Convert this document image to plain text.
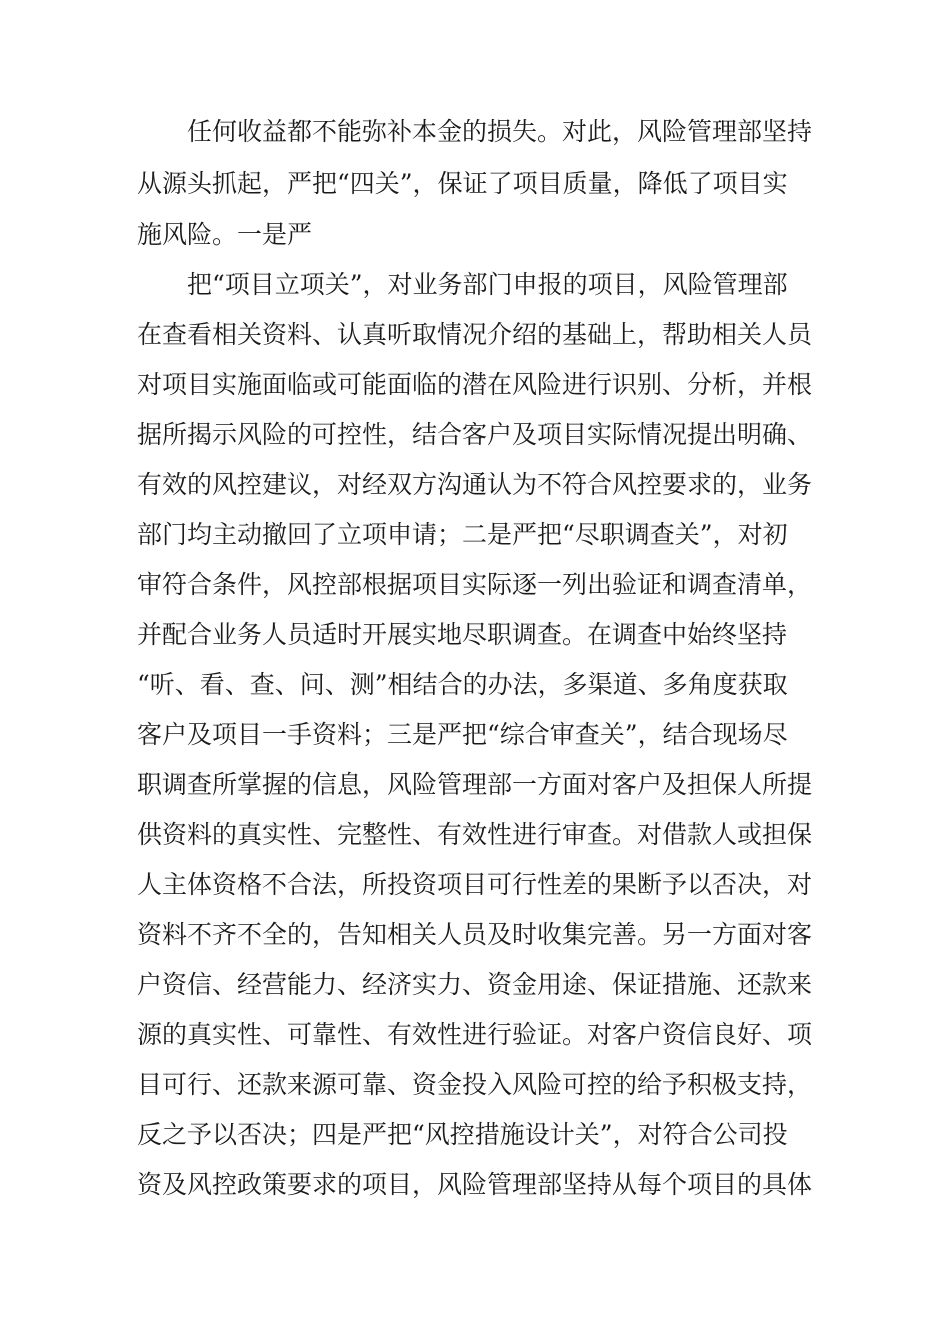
任何收益都不能弥补本金的损失。对此，风险管理部坚持
从源头抓起，严把“四关”，保证了项目质量，降低了项目实
施风险。一是严
把“项目立项关”，对业务部门申报的项目，风险管理部
在查看相关资料、认真听取情况介绍的基础上，帮助相关人员
对项目实施面临或可能面临的潜在风险进行识别、分析，并根
据所揭示风险的可控性，结合客户及项目实际情况提出明确、
有效的风控建议，对经双方沟通认为不符合风控要求的，业务
部门均主动撤回了立项申请；二是严把“尽职调查关”，对初
审符合条件，风控部根据项目实际逐一列出验证和调查清单，
并配合业务人员适时开展实地尽职调查。在调查中始终坚持
“听、看、查、问、测”相结合的办法，多渠道、多角度获取
客户及项目一手资料；三是严把“综合审查关”，结合现场尽
职调查所掌握的信息，风险管理部一方面对客户及担保人所提
供资料的真实性、完整性、有效性进行审查。对借款人或担保
人主体资格不合法，所投资项目可行性差的果断予以否决，对
资料不齐不全的，告知相关人员及时收集完善。另一方面对客
户资信、经营能力、经济实力、资金用途、保证措施、还款来
源的真实性、可靠性、有效性进行验证。对客户资信良好、项
目可行、还款来源可靠、资金投入风险可控的给予积极支持，
反之予以否决；四是严把“风控措施设计关”，对符合公司投
资及风控政策要求的项目，风险管理部坚持从每个项目的具体
